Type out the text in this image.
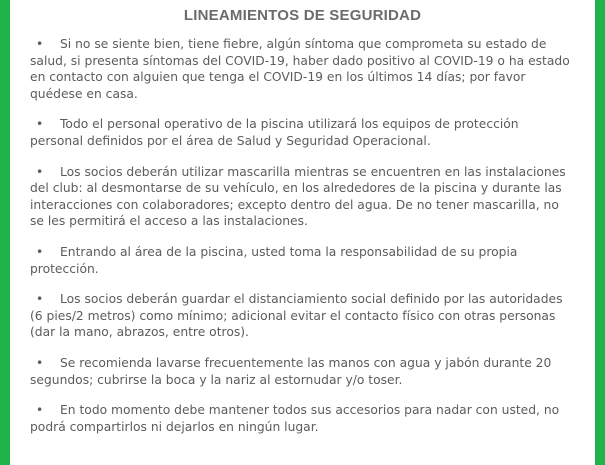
LINEAMIENTOS DE SEGURIDAD
• Si no se siente bien, tiene fiebre, algún síntoma que comprometa su estado de salud, si presenta síntomas del COVID-19, haber dado positivo al COVID-19 o ha estado en contacto con alguien que tenga el COVID-19 en los últimos 14 días; por favor quédese en casa.
• Todo el personal operativo de la piscina utilizará los equipos de protección personal definidos por el área de Salud y Seguridad Operacional.
• Los socios deberán utilizar mascarilla mientras se encuentren en las instalaciones del club: al desmontarse de su vehículo, en los alrededores de la piscina y durante las interacciones con colaboradores; excepto dentro del agua. De no tener mascarilla, no se les permitirá el acceso a las instalaciones.
• Entrando al área de la piscina, usted toma la responsabilidad de su propia protección.
• Los socios deberán guardar el distanciamiento social definido por las autoridades (6 pies/2 metros) como mínimo; adicional evitar el contacto físico con otras personas (dar la mano, abrazos, entre otros).
• Se recomienda lavarse frecuentemente las manos con agua y jabón durante 20 segundos; cubrirse la boca y la nariz al estornudar y/o toser.
• En todo momento debe mantener todos sus accesorios para nadar con usted, no podrá compartirlos ni dejarlos en ningún lugar.
